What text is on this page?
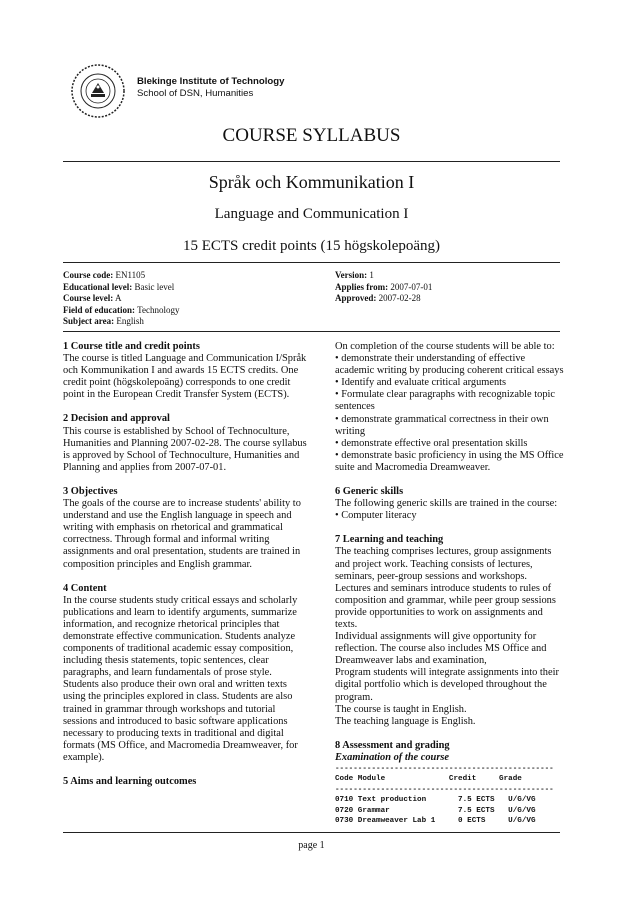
Blekinge Institute of Technology
School of DSN, Humanities
COURSE SYLLABUS
Språk och Kommunikation I
Language and Communication I
15 ECTS credit points (15 högskolepoäng)
Course code: EN1105
Educational level: Basic level
Course level: A
Field of education: Technology
Subject area: English
Version: 1
Applies from: 2007-07-01
Approved: 2007-02-28
1 Course title and credit points

The course is titled Language and Communication I/Språk och Kommunikation I and awards 15 ECTS credits. One credit point (högskolepoäng) corresponds to one credit point in the European Credit Transfer System (ECTS).

2 Decision and approval

This course is established by School of Technoculture, Humanities and Planning 2007-02-28. The course syllabus is approved by School of Technoculture, Humanities and Planning and applies from 2007-07-01.

3 Objectives

The goals of the course are to increase students' ability to understand and use the English language in speech and writing with emphasis on rhetorical and grammatical correctness. Through formal and informal writing assignments and oral presentation, students are trained in composition principles and English grammar.

4 Content

In the course students study critical essays and scholarly publications and learn to identify arguments, summarize information, and recognize rhetorical principles that demonstrate effective communication. Students analyze components of traditional academic essay composition, including thesis statements, topic sentences, clear paragraphs, and learn fundamentals of prose style. Students also produce their own oral and written texts using the principles explored in class. Students are also trained in grammar through workshops and tutorial sessions and introduced to basic software applications necessary to producing texts in traditional and digital formats (MS Office, and Macromedia Dreamweaver, for example).

5 Aims and learning outcomes

On completion of the course students will be able to:

• demonstrate their understanding of effective academic writing by producing coherent critical essays

• Identify and evaluate critical arguments

• Formulate clear paragraphs with recognizable topic sentences

• demonstrate grammatical correctness in their own writing

• demonstrate effective oral presentation skills

• demonstrate basic proficiency in using the MS Office suite and Macromedia Dreamweaver.

6 Generic skills

The following generic skills are trained in the course:

• Computer literacy

7 Learning and teaching

The teaching comprises lectures, group assignments and project work. Teaching consists of lectures, seminars, peer-group sessions and workshops. Lectures and seminars introduce students to rules of composition and grammar, while peer group sessions provide opportunities to work on assignments and texts.
Individual assignments will give opportunity for reflection. The course also includes MS Office and Dreamweaver labs and examination,
Program students will integrate assignments into their digital portfolio which is developed throughout the program.
The course is taught in English.
The teaching language is English.

8 Assessment and grading

Examination of the course

------------------------------------------------
Code Module              Credit     Grade
------------------------------------------------
0710 Text production       7.5 ECTS   U/G/VG
0720 Grammar               7.5 ECTS   U/G/VG
0730 Dreamweaver Lab 1     0 ECTS     U/G/VG
page 1
